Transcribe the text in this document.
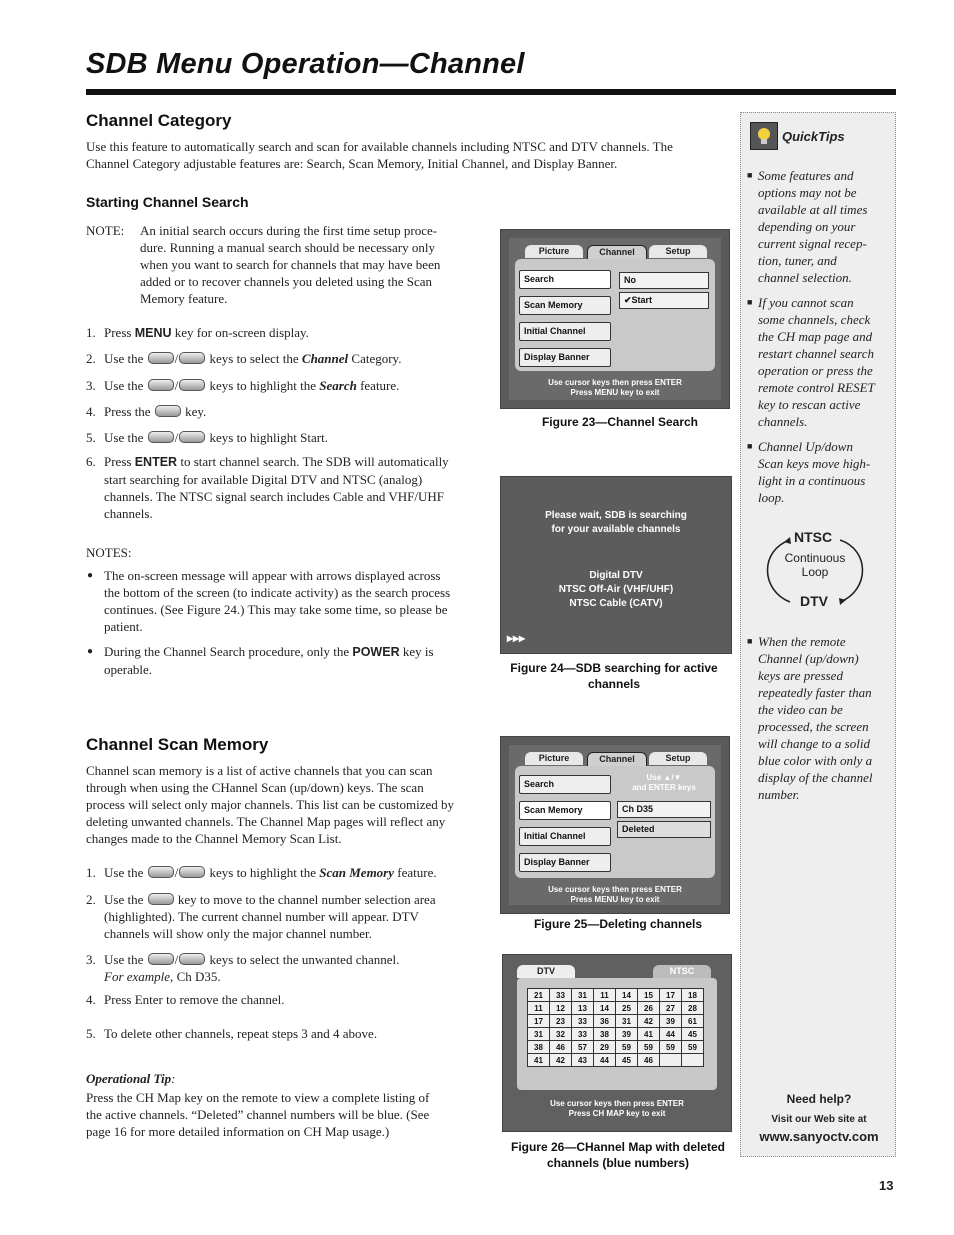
SDB Menu Operation—Channel
Channel Category
Use this feature to automatically search and scan for available channels including NTSC and DTV channels. The
Channel Category adjustable features are: Search, Scan Memory, Initial Channel, and Display Banner.
Starting Channel Search
NOTE: An initial search occurs during the first time setup proce-
dure. Running a manual search should be necessary only
when you want to search for channels that may have been
added or to recover channels you deleted using the Scan
Memory feature.
1. Press MENU key for on-screen display.
2. Use the / keys to select the Channel Category.
3. Use the / keys to highlight the Search feature.
4. Press the  key.
5. Use the / keys to highlight Start.
6. Press ENTER to start channel search. The SDB will automatically
start searching for available Digital DTV and NTSC (analog)
channels. The NTSC signal search includes Cable and VHF/UHF
channels.
NOTES:
● The on-screen message will appear with arrows displayed across
the bottom of the screen (to indicate activity) as the search process
continues. (See Figure 24.) This may take some time, so please be
patient.
● During the Channel Search procedure, only the POWER key is
operable.
Channel Scan Memory
Channel scan memory is a list of active channels that you can scan
through when using the CHannel Scan (up/down) keys. The scan
process will select only major channels. This list can be customized by
deleting unwanted channels. The Channel Map pages will reflect any
changes made to the Channel Memory Scan List.
1. Use the / keys to highlight the Scan Memory feature.
2. Use the  key to move to the channel number selection area
(highlighted). The current channel number will appear. DTV
channels will show only the major channel number.
3. Use the / keys to select the unwanted channel.
For example, Ch D35.
4. Press Enter to remove the channel.
5. To delete other channels, repeat steps 3 and 4 above.
Operational Tip:
Press the CH Map key on the remote to view a complete listing of
the active channels. “Deleted” channel numbers will be blue. (See
page 16 for more detailed information on CH Map usage.)
Picture	Channel	Setup
Search
Scan Memory
Initial Channel
Display Banner
No
✔Start
Use cursor keys then press ENTER
Press MENU key to exit
Figure 23—Channel Search
Please wait, SDB is searching
for your available channels
Digital DTV
NTSC Off-Air (VHF/UHF)
NTSC Cable (CATV)
▸▸▸
Figure 24—SDB searching for active
channels
Picture	Channel	Setup
Search
Scan Memory
Initial Channel
Display Banner
Use ▲/▼
and ENTER keys
Ch D35
Deleted
Use cursor keys then press ENTER
Press MENU key to exit
Figure 25—Deleting channels
DTV	NTSC
21	33	31	11	14	15	17	18
11	12	13	14	25	26	27	28
17	23	33	36	31	42	39	61
31	32	33	38	39	41	44	45
38	46	57	29	59	59	59	59
41	42	43	44	45	46		
Use cursor keys then press ENTER
Press CH MAP key to exit
Figure 26—CHannel Map with deleted
channels (blue numbers)
QuickTips
■ Some features and
options may not be
available at all times
depending on your
current signal recep-
tion, tuner, and
channel selection.
■ If you cannot scan
some channels, check
the CH map page and
restart channel search
operation or press the
remote control RESET
key to rescan active
channels.
■ Channel Up/down
Scan keys move high-
light in a continuous
loop.
NTSC
Continuous
Loop
DTV
■ When the remote
Channel (up/down)
keys are pressed
repeatedly faster than
the video can be
processed, the screen
will change to a solid
blue color with only a
display of the channel
number.
Need help?
Visit our Web site at
www.sanyoctv.com
13
